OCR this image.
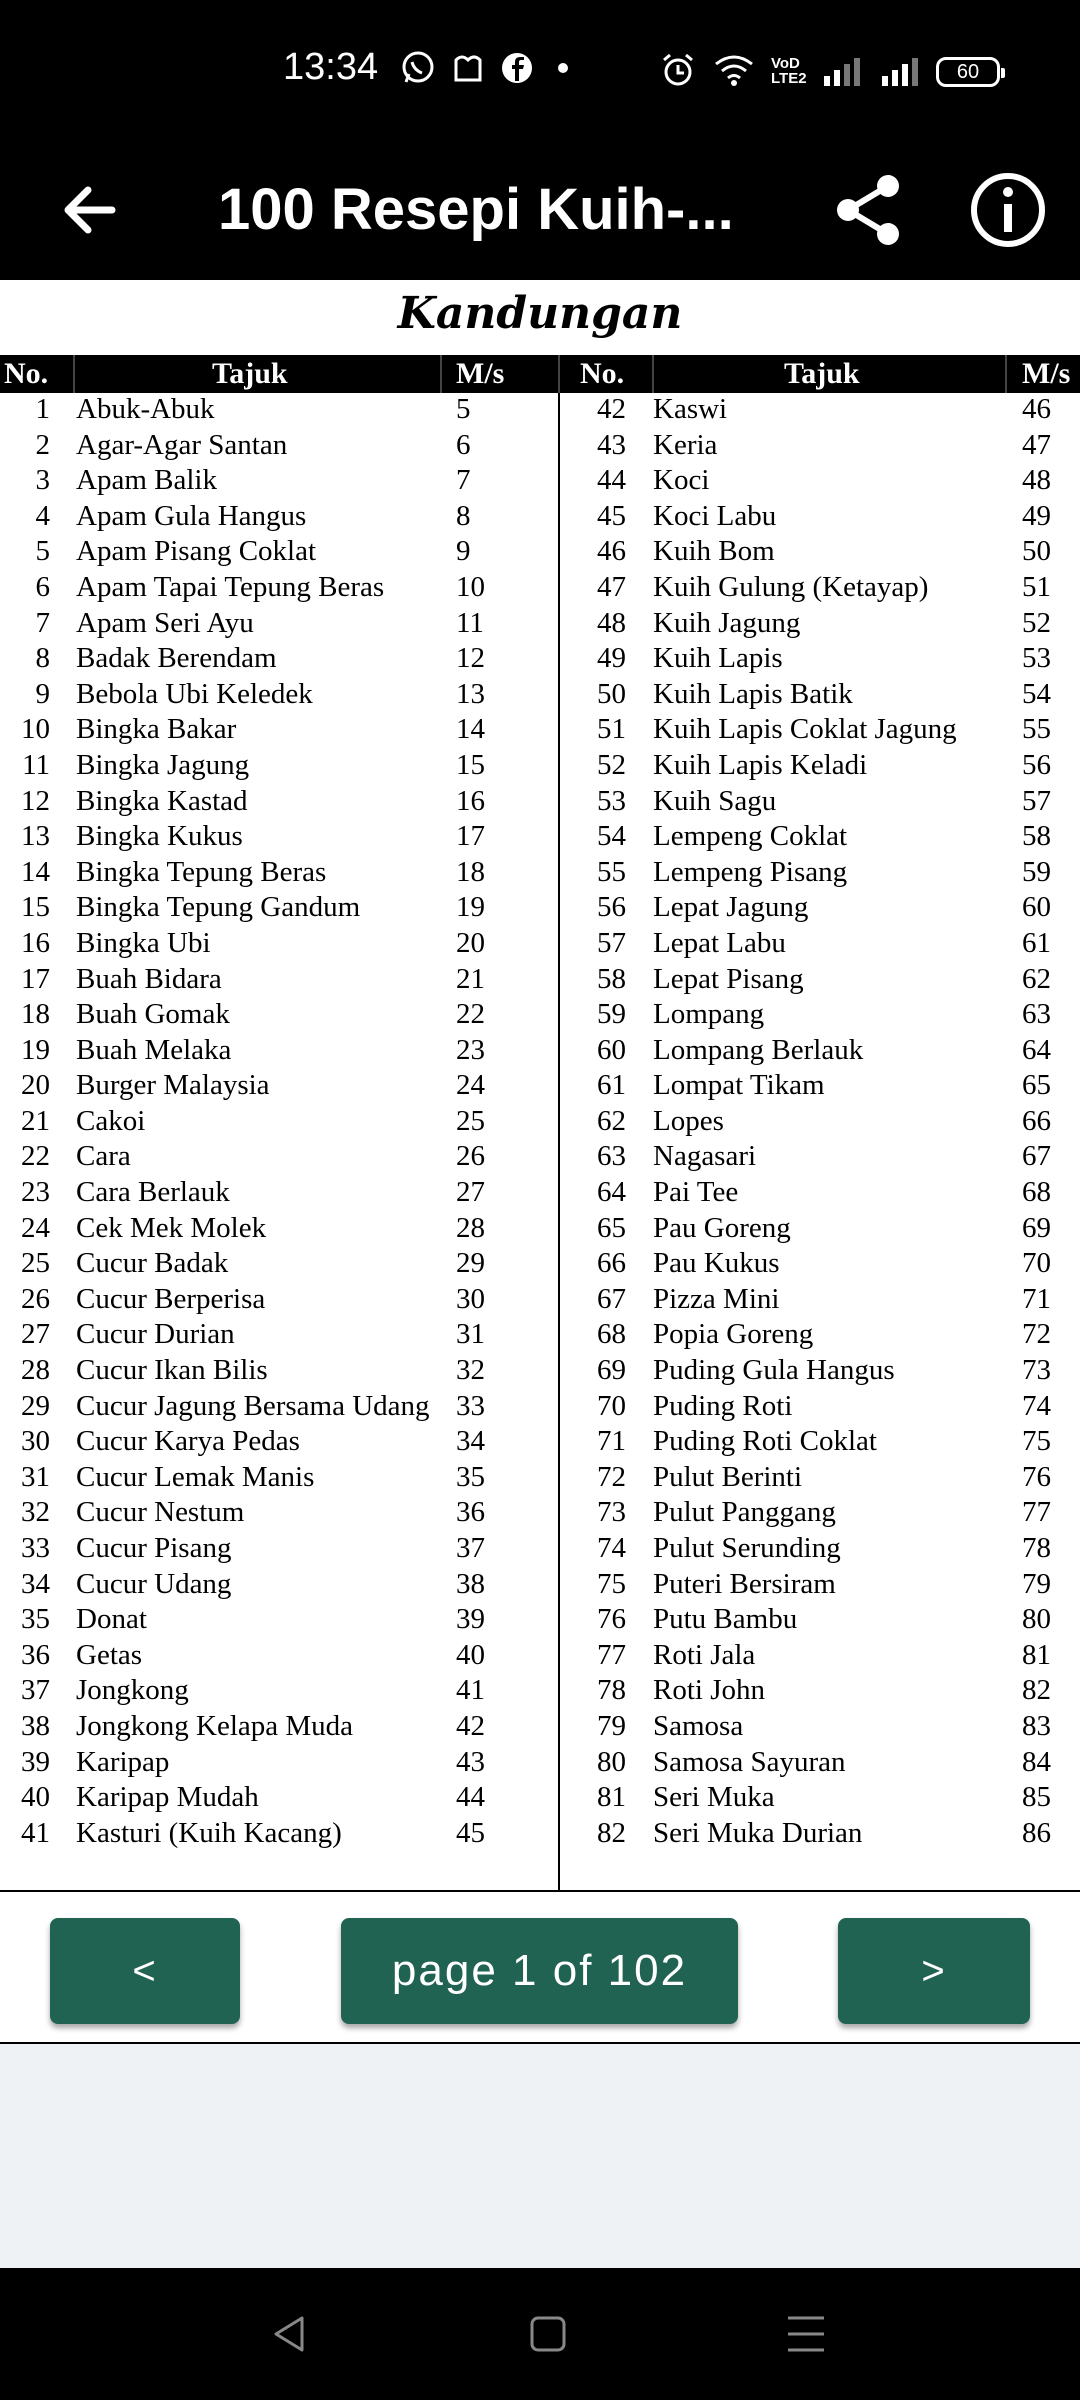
13:34	VoD LTE2	60
100 Resepi Kuih-...
Kandungan
No.	Tajuk	M/s	No.	Tajuk	M/s
1 Abuk-Abuk	5
2 Agar-Agar Santan	6
3 Apam Balik	7
4 Apam Gula Hangus	8
5 Apam Pisang Coklat	9
6 Apam Tapai Tepung Beras 10
7 Apam Seri Ayu	11
8 Badak Berendam	12
9 Bebola Ubi Keledek	13
10 Bingka Bakar	14
11 Bingka Jagung	15
12 Bingka Kastad	16
13 Bingka Kukus	17
14 Bingka Tepung Beras	18
15 Bingka Tepung Gandum	19
16 Bingka Ubi	20
17 Buah Bidara	21
18 Buah Gomak	22
19 Buah Melaka	23
20 Burger Malaysia	24
21 Cakoi	25
22 Cara	26
23 Cara Berlauk	27
24 Cek Mek Molek	28
25 Cucur Badak	29
26 Cucur Berperisa	30
27 Cucur Durian	31
28 Cucur Ikan Bilis	32
29 Cucur Jagung Bersama Udang 33
30 Cucur Karya Pedas	34
31 Cucur Lemak Manis	35
32 Cucur Nestum	36
33 Cucur Pisang	37
34 Cucur Udang	38
35 Donat	39
36 Getas	40
37 Jongkong	41
38 Jongkong Kelapa Muda	42
39 Karipap	43
40 Karipap Mudah	44
41 Kasturi (Kuih Kacang)	45
42 Kaswi	46
43 Keria	47
44 Koci	48
45 Koci Labu	49
46 Kuih Bom	50
47 Kuih Gulung (Ketayap)	51
48 Kuih Jagung	52
49 Kuih Lapis	53
50 Kuih Lapis Batik	54
51 Kuih Lapis Coklat Jagung 55
52 Kuih Lapis Keladi	56
53 Kuih Sagu	57
54 Lempeng Coklat	58
55 Lempeng Pisang	59
56 Lepat Jagung	60
57 Lepat Labu	61
58 Lepat Pisang	62
59 Lompang	63
60 Lompang Berlauk	64
61 Lompat Tikam	65
62 Lopes	66
63 Nagasari	67
64 Pai Tee	68
65 Pau Goreng	69
66 Pau Kukus	70
67 Pizza Mini	71
68 Popia Goreng	72
69 Puding Gula Hangus	73
70 Puding Roti	74
71 Puding Roti Coklat	75
72 Pulut Berinti	76
73 Pulut Panggang	77
74 Pulut Serunding	78
75 Puteri Bersiram	79
76 Putu Bambu	80
77 Roti Jala	81
78 Roti John	82
79 Samosa	83
80 Samosa Sayuran	84
81 Seri Muka	85
82 Seri Muka Durian	86
<	page 1 of 102	>
